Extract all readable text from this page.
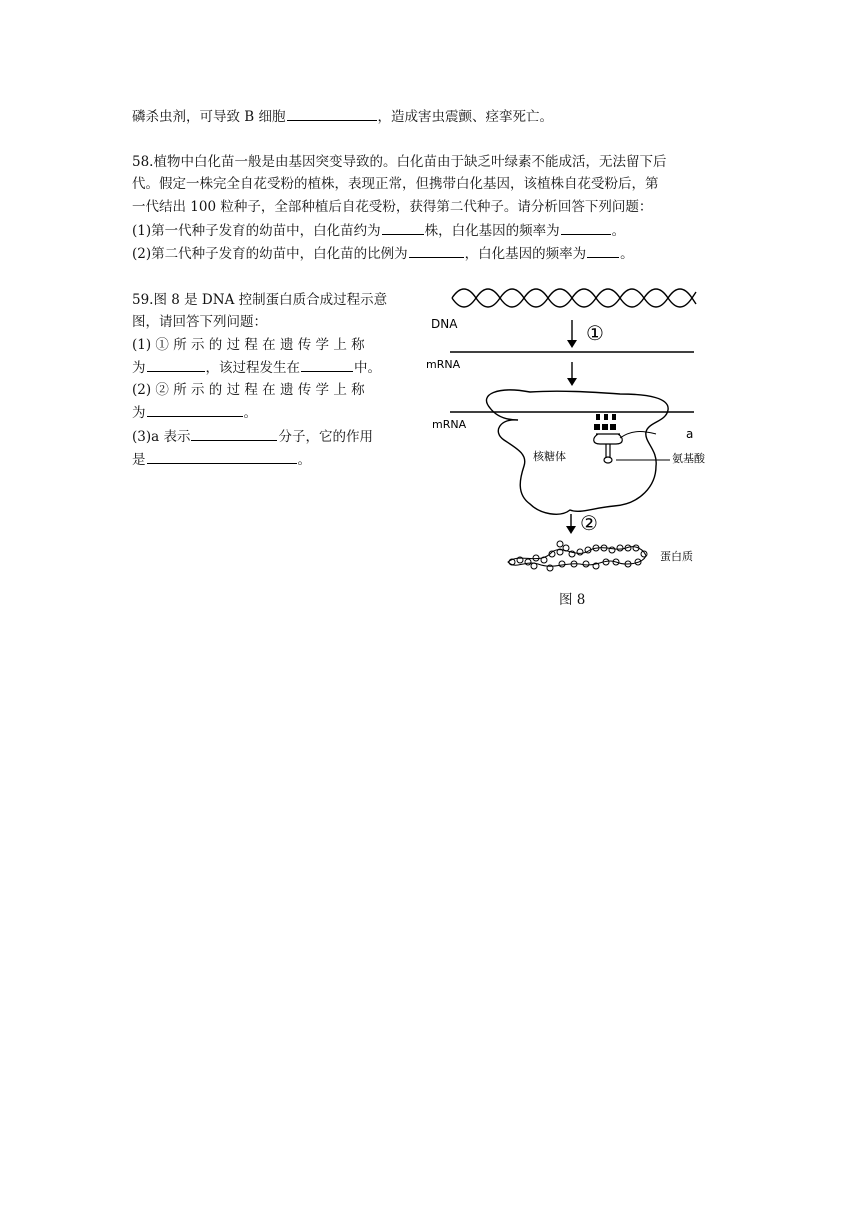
磷杀虫剂，可导致 B 细胞	，造成害虫震颤、痉挛死亡。
58.植物中白化苗一般是由基因突变导致的。白化苗由于缺乏叶绿素不能成活，无法留下后
代。假定一株完全自花受粉的植株，表现正常，但携带白化基因，该植株自花受粉后，第
一代结出 100 粒种子，全部种植后自花受粉，获得第二代种子。请分析回答下列问题：
(1)第一代种子发育的幼苗中，白化苗约为	株，白化基因的频率为	。
(2)第二代种子发育的幼苗中，白化苗的比例为	，白化基因的频率为	。
59.图 8 是 DNA 控制蛋白质合成过程示意
图，请回答下列问题：
(1) ① 所 示 的 过 程 在 遗 传 学 上 称
为	，该过程发生在	中。
(2) ② 所 示 的 过 程 在 遗 传 学 上 称
为	。
(3)a 表示	分子，它的作用
是	。
DNA	①
mRNA
mRNA
a
氨基酸
核糖体
②
蛋白质
图 8
